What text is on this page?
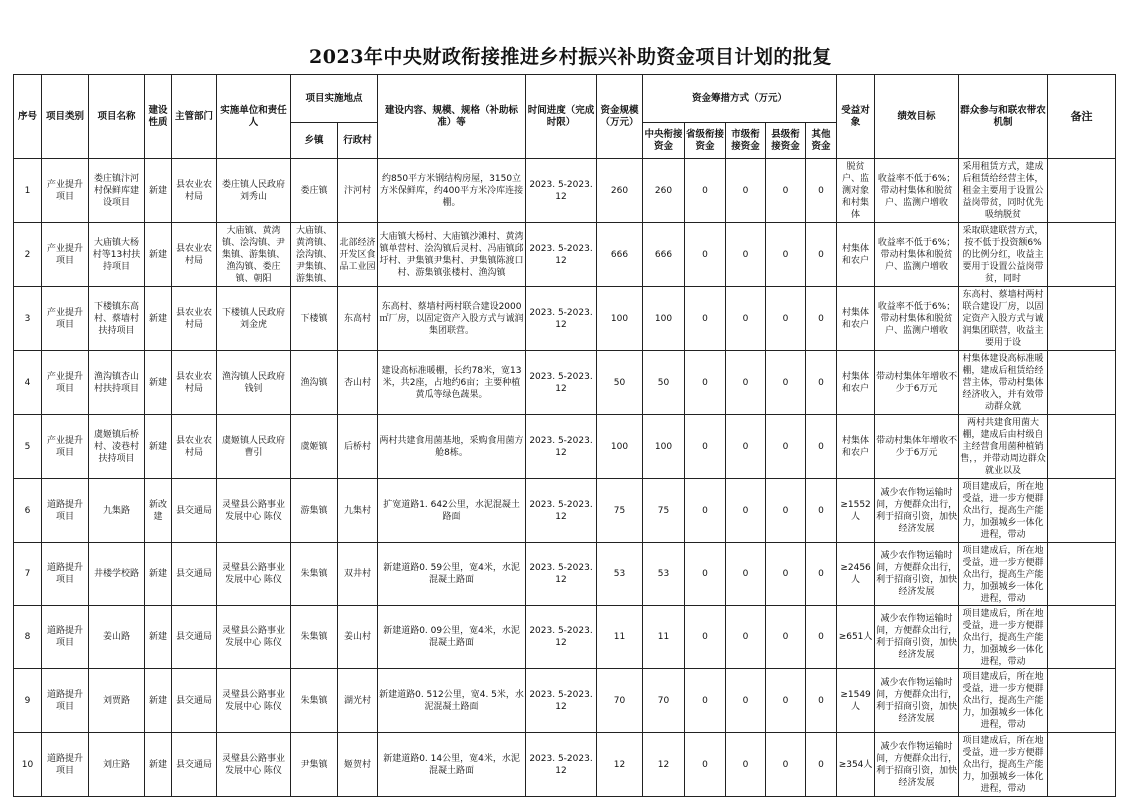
2023年中央财政衔接推进乡村振兴补助资金项目计划的批复
序号	项目类别	项目名称	建设性质	主管部门	实施单位和责任人	项目实施地点		建设内容、规模、规格（补助标准）等	时间进度（完成时限）	资金规模（万元）	资金筹措方式（万元）					受益对象	绩效目标	群众参与和联农带农机制	备注
						乡镇	行政村				中央衔接资金	省级衔接资金	市级衔接资金	县级衔接资金	其他资金				

1	产业提升项目	娄庄镇汴河村保鲜库建设项目	新建	县农业农村局	娄庄镇人民政府 刘秀山	娄庄镇	汴河村	约850平方米钢结构房屋，3150立方米保鲜库，约400平方米冷库连接棚。	2023. 5-2023. 12	260	260	0	0	0	0	脱贫户、监测对象和村集体	收益率不低于6%；带动村集体和脱贫户、监测户增收	采用租赁方式，建成后租赁给经营主体，租金主要用于设置公益岗带贫，同时优先吸纳脱贫	

2	产业提升项目	大庙镇大杨村等13村扶持项目	新建	县农业农村局	大庙镇、黄湾镇、浍沟镇、尹集镇、游集镇、渔沟镇、娄庄镇、朝阳	大庙镇、黄湾镇、浍沟镇、尹集镇、游集镇、	北部经济开发区食品工业园	大庙镇大杨村、大庙镇沙滩村、黄湾镇单营村、浍沟镇后灵村、冯庙镇邱圩村、尹集镇尹集村、尹集镇陈渡口村、游集镇张楼村、渔沟镇	2023. 5-2023. 12	666	666	0	0	0	0	村集体和农户	收益率不低于6%；带动村集体和脱贫户、监测户增收	采取联建联营方式，按不低于投资额6%的比例分红，收益主要用于设置公益岗带贫，同时	

3	产业提升项目	下楼镇东高村、蔡墙村扶持项目	新建	县农业农村局	下楼镇人民政府 刘金虎	下楼镇	东高村	东高村、蔡墙村两村联合建设2000㎡厂房，以固定资产入股方式与诚润集团联营。	2023. 5-2023. 12	100	100	0	0	0	0	村集体和农户	收益率不低于6%；带动村集体和脱贫户、监测户增收	东高村、蔡墙村两村联合建设厂房，以固定资产入股方式与诚润集团联营，收益主要用于设	

4	产业提升项目	渔沟镇杏山村扶持项目	新建	县农业农村局	渔沟镇人民政府 钱钊	渔沟镇	杏山村	建设高标准暖棚，长约78米，宽13米，共2座，占地约6亩；主要种植黄瓜等绿色蔬果。	2023. 5-2023. 12	50	50	0	0	0	0	村集体和农户	带动村集体年增收不少于6万元	村集体建设高标准暖棚，建成后租赁给经营主体，带动村集体经济收入，并有效带动群众就	

5	产业提升项目	虞姬镇后桥村、凌巷村扶持项目	新建	县农业农村局	虞姬镇人民政府 曹引	虞姬镇	后桥村	两村共建食用菌基地，采购食用菌方舱8栋。	2023. 5-2023. 12	100	100	0	0	0	0	村集体和农户	带动村集体年增收不少于6万元	两村共建食用菌大棚，建成后由村级自主经营食用菌种植销售，，并带动周边群众就业以及	

6	道路提升项目	九集路	新改建	县交通局	灵璧县公路事业发展中心 陈仪	游集镇	九集村	扩宽道路1. 642公里，水泥混凝土路面	2023. 5-2023. 12	75	75	0	0	0	0	≥1552人	减少农作物运输时间，方便群众出行，利于招商引资，加快经济发展	项目建成后，所在地受益，进一步方便群众出行，提高生产能力，加强城乡一体化进程，带动	

7	道路提升项目	井楼学校路	新建	县交通局	灵璧县公路事业发展中心 陈仪	朱集镇	双井村	新建道路0. 59公里，宽4米，水泥混凝土路面	2023. 5-2023. 12	53	53	0	0	0	0	≥2456人	减少农作物运输时间，方便群众出行，利于招商引资，加快经济发展	项目建成后，所在地受益，进一步方便群众出行，提高生产能力，加强城乡一体化进程，带动	

8	道路提升项目	姜山路	新建	县交通局	灵璧县公路事业发展中心 陈仪	朱集镇	姜山村	新建道路0. 09公里，宽4米，水泥混凝土路面	2023. 5-2023. 12	11	11	0	0	0	0	≥651人	减少农作物运输时间，方便群众出行，利于招商引资，加快经济发展	项目建成后，所在地受益，进一步方便群众出行，提高生产能力，加强城乡一体化进程，带动	

9	道路提升项目	刘贾路	新建	县交通局	灵璧县公路事业发展中心 陈仪	朱集镇	湖光村	新建道路0. 512公里，宽4. 5米，水泥混凝土路面	2023. 5-2023. 12	70	70	0	0	0	0	≥1549人	减少农作物运输时间，方便群众出行，利于招商引资，加快经济发展	项目建成后，所在地受益，进一步方便群众出行，提高生产能力，加强城乡一体化进程，带动	

10	道路提升项目	刘庄路	新建	县交通局	灵璧县公路事业发展中心 陈仪	尹集镇	姬贺村	新建道路0. 14公里，宽4米，水泥混凝土路面	2023. 5-2023. 12	12	12	0	0	0	0	≥354人	减少农作物运输时间，方便群众出行，利于招商引资，加快经济发展	项目建成后，所在地受益，进一步方便群众出行，提高生产能力，加强城乡一体化进程，带动	
